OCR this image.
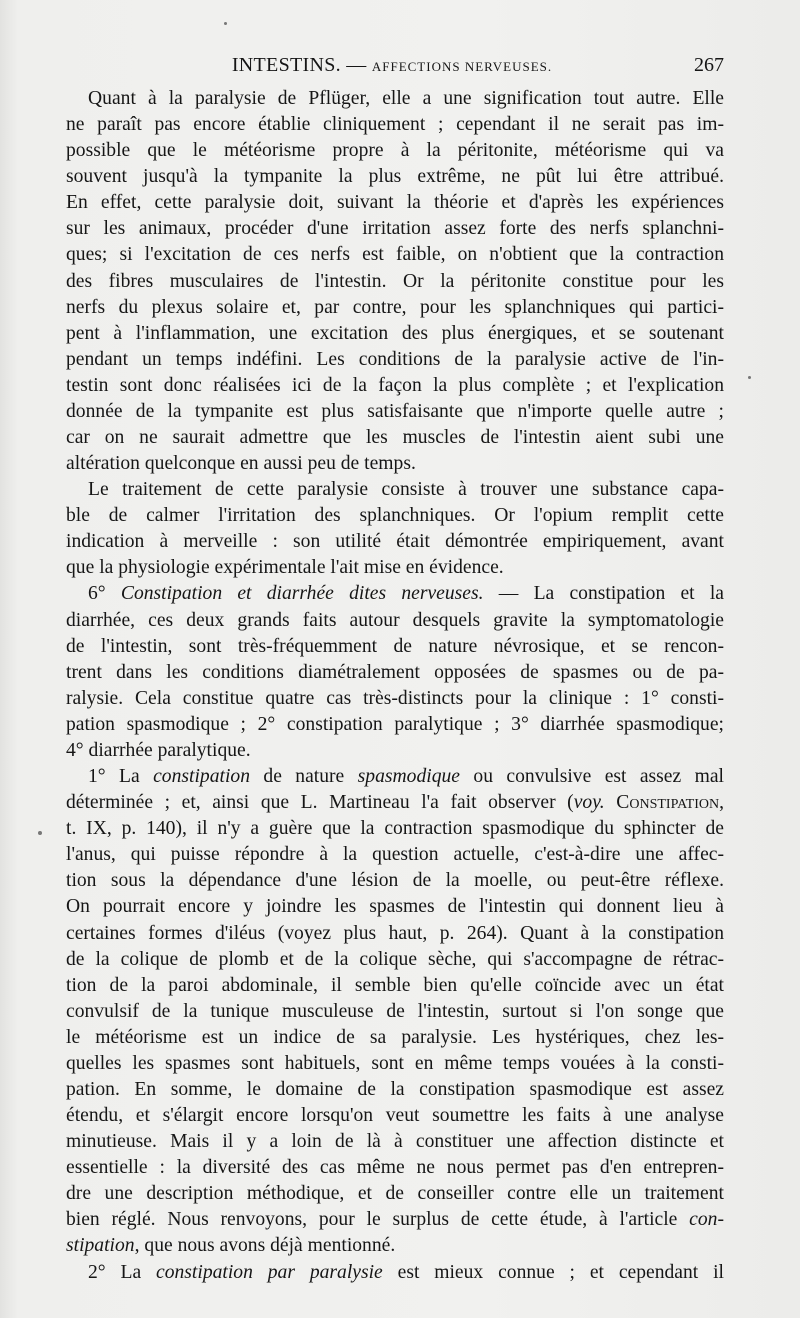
INTESTINS. — AFFECTIONS NERVEUSES.	267
Quant à la paralysie de Pflüger, elle a une signification tout autre. Elle
ne paraît pas encore établie cliniquement ; cependant il ne serait pas im-
possible que le météorisme propre à la péritonite, météorisme qui va
souvent jusqu'à la tympanite la plus extrême, ne pût lui être attribué.
En effet, cette paralysie doit, suivant la théorie et d'après les expériences
sur les animaux, procéder d'une irritation assez forte des nerfs splanchni-
ques; si l'excitation de ces nerfs est faible, on n'obtient que la contraction
des fibres musculaires de l'intestin. Or la péritonite constitue pour les
nerfs du plexus solaire et, par contre, pour les splanchniques qui partici-
pent à l'inflammation, une excitation des plus énergiques, et se soutenant
pendant un temps indéfini. Les conditions de la paralysie active de l'in-
testin sont donc réalisées ici de la façon la plus complète ; et l'explication
donnée de la tympanite est plus satisfaisante que n'importe quelle autre ;
car on ne saurait admettre que les muscles de l'intestin aient subi une
altération quelconque en aussi peu de temps.
Le traitement de cette paralysie consiste à trouver une substance capa-
ble de calmer l'irritation des splanchniques. Or l'opium remplit cette
indication à merveille : son utilité était démontrée empiriquement, avant
que la physiologie expérimentale l'ait mise en évidence.
6° Constipation et diarrhée dites nerveuses. — La constipation et la
diarrhée, ces deux grands faits autour desquels gravite la symptomatologie
de l'intestin, sont très-fréquemment de nature névrosique, et se rencon-
trent dans les conditions diamétralement opposées de spasmes ou de pa-
ralysie. Cela constitue quatre cas très-distincts pour la clinique : 1° consti-
pation spasmodique ; 2° constipation paralytique ; 3° diarrhée spasmodique;
4° diarrhée paralytique.
1° La constipation de nature spasmodique ou convulsive est assez mal
déterminée ; et, ainsi que L. Martineau l'a fait observer (voy. Constipation,
t. IX, p. 140), il n'y a guère que la contraction spasmodique du sphincter de
l'anus, qui puisse répondre à la question actuelle, c'est-à-dire une affec-
tion sous la dépendance d'une lésion de la moelle, ou peut-être réflexe.
On pourrait encore y joindre les spasmes de l'intestin qui donnent lieu à
certaines formes d'iléus (voyez plus haut, p. 264). Quant à la constipation
de la colique de plomb et de la colique sèche, qui s'accompagne de rétrac-
tion de la paroi abdominale, il semble bien qu'elle coïncide avec un état
convulsif de la tunique musculeuse de l'intestin, surtout si l'on songe que
le météorisme est un indice de sa paralysie. Les hystériques, chez les-
quelles les spasmes sont habituels, sont en même temps vouées à la consti-
pation. En somme, le domaine de la constipation spasmodique est assez
étendu, et s'élargit encore lorsqu'on veut soumettre les faits à une analyse
minutieuse. Mais il y a loin de là à constituer une affection distincte et
essentielle : la diversité des cas même ne nous permet pas d'en entrepren-
dre une description méthodique, et de conseiller contre elle un traitement
bien réglé. Nous renvoyons, pour le surplus de cette étude, à l'article con-
stipation, que nous avons déjà mentionné.
2° La constipation par paralysie est mieux connue ; et cependant il
